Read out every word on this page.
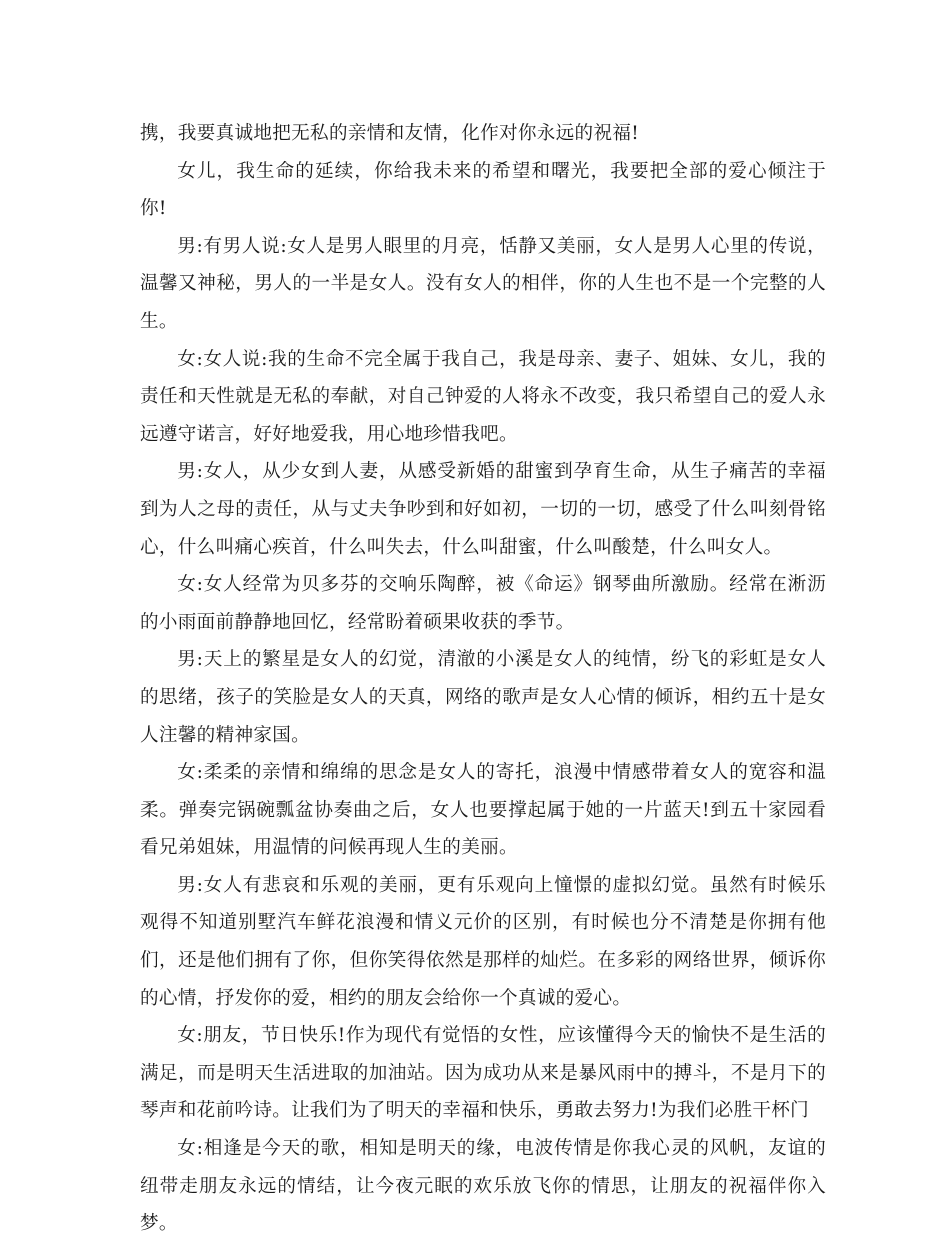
携，我要真诚地把无私的亲情和友情，化作对你永远的祝福!

女儿，我生命的延续，你给我未来的希望和曙光，我要把全部的爱心倾注于你!

男:有男人说:女人是男人眼里的月亮，恬静又美丽，女人是男人心里的传说，温馨又神秘，男人的一半是女人。没有女人的相伴，你的人生也不是一个完整的人生。

女:女人说:我的生命不完全属于我自己，我是母亲、妻子、姐妹、女儿，我的责任和天性就是无私的奉献，对自己钟爱的人将永不改变，我只希望自己的爱人永远遵守诺言，好好地爱我，用心地珍惜我吧。

男:女人，从少女到人妻，从感受新婚的甜蜜到孕育生命，从生子痛苦的幸福到为人之母的责任，从与丈夫争吵到和好如初，一切的一切，感受了什么叫刻骨铭心，什么叫痛心疾首，什么叫失去，什么叫甜蜜，什么叫酸楚，什么叫女人。

女:女人经常为贝多芬的交响乐陶醉，被《命运》钢琴曲所激励。经常在淅沥的小雨面前静静地回忆，经常盼着硕果收获的季节。

男:天上的繁星是女人的幻觉，清澈的小溪是女人的纯情，纷飞的彩虹是女人的思绪，孩子的笑脸是女人的天真，网络的歌声是女人心情的倾诉，相约五十是女人注馨的精神家国。

女:柔柔的亲情和绵绵的思念是女人的寄托，浪漫中情感带着女人的宽容和温柔。弹奏完锅碗瓢盆协奏曲之后，女人也要撑起属于她的一片蓝天!到五十家园看看兄弟姐妹，用温情的问候再现人生的美丽。

男:女人有悲哀和乐观的美丽，更有乐观向上憧憬的虚拟幻觉。虽然有时候乐观得不知道别墅汽车鲜花浪漫和情义元价的区别，有时候也分不清楚是你拥有他们，还是他们拥有了你，但你笑得依然是那样的灿烂。在多彩的网络世界，倾诉你的心情，抒发你的爱，相约的朋友会给你一个真诚的爱心。

女:朋友，节日快乐!作为现代有觉悟的女性，应该懂得今天的愉快不是生活的满足，而是明天生活进取的加油站。因为成功从来是暴风雨中的搏斗，不是月下的琴声和花前吟诗。让我们为了明天的幸福和快乐，勇敢去努力!为我们必胜干杯门

女:相逢是今天的歌，相知是明天的缘，电波传情是你我心灵的风帆，友谊的纽带走朋友永远的情结，让今夜元眠的欢乐放飞你的情思，让朋友的祝福伴你入梦。
